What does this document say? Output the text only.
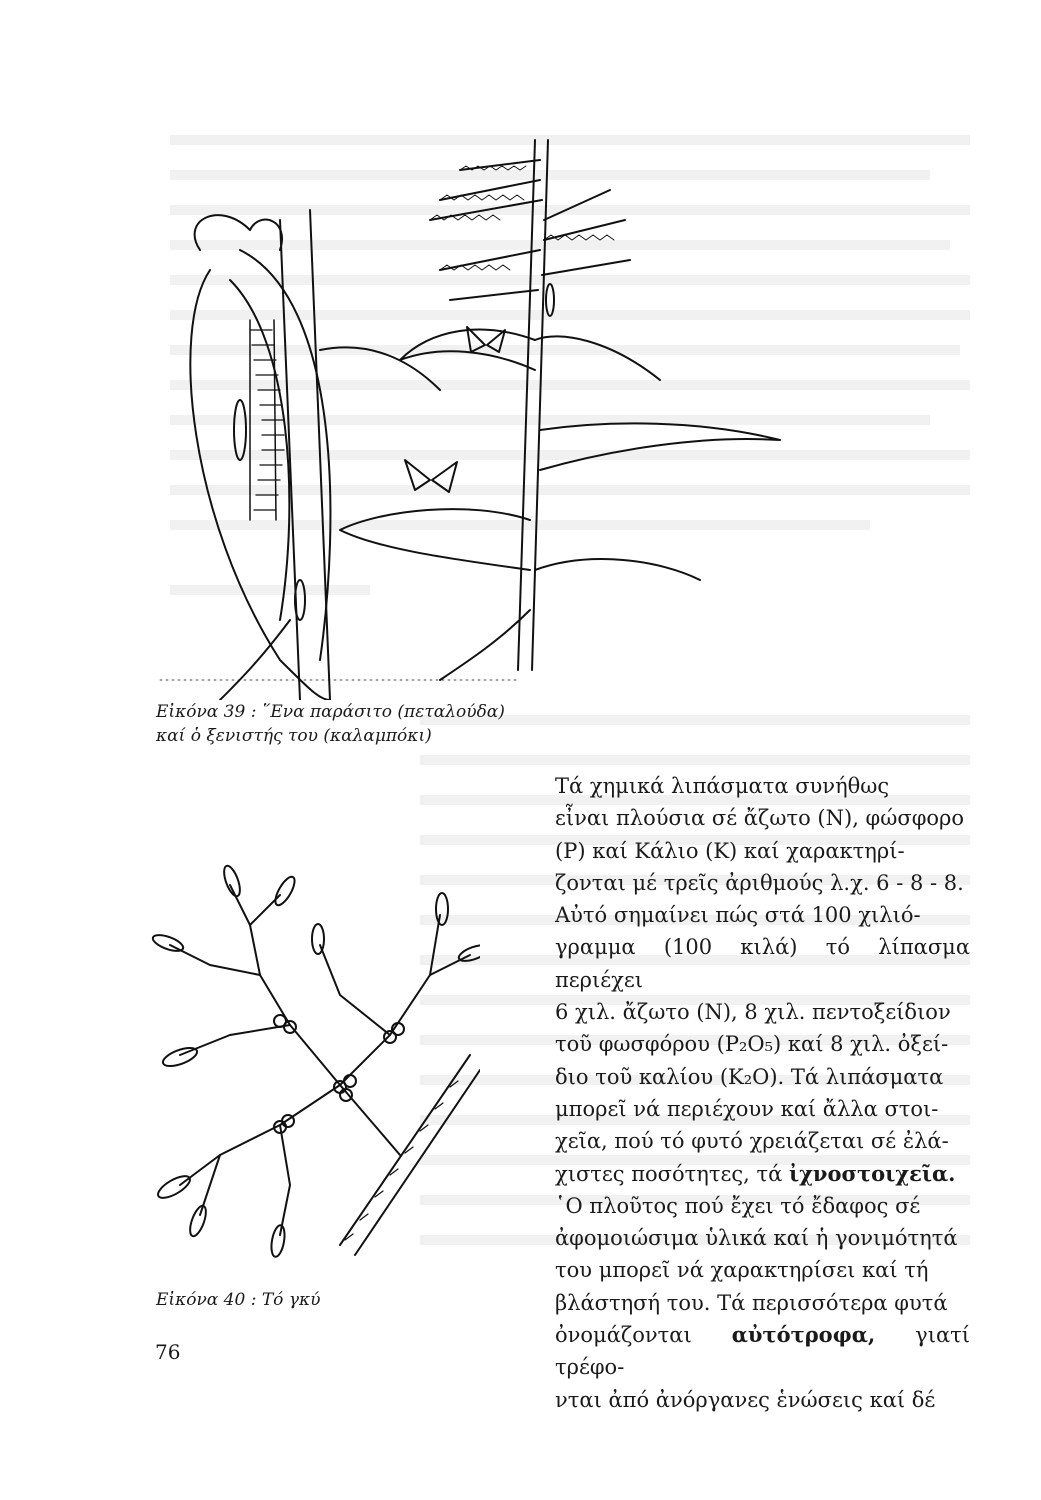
Εἰκόνα 39 : ῞Ενα παράσιτο (πεταλούδα)
καί ὁ ξενιστής του (καλαμπόκι)

Εἰκόνα 40 : Τό γκύ

Τά χημικά λιπάσματα συνήθως

εἶναι πλούσια σέ ἄζωτο (N), φώσφορο

(P) καί Κάλιο (K) καί χαρακτηρί-

ζονται μέ τρεῖς ἀριθμούς λ.χ. 6 - 8 - 8.

Αὐτό σημαίνει πώς στά 100 χιλιό-

γραμμα (100 κιλά) τό λίπασμα περιέχει

6 χιλ. ἄζωτο (N), 8 χιλ. πεντοξείδιον

τοῦ φωσφόρου (P₂O₅) καί 8 χιλ. ὀξεί-

διο τοῦ καλίου (K₂O). Τά λιπάσματα

μπορεῖ νά περιέχουν καί ἄλλα στοι-

χεῖα, πού τό φυτό χρειάζεται σέ ἐλά-

χιστες ποσότητες, τά ἰχνοστοιχεῖα.

῾Ο πλοῦτος πού ἔχει τό ἔδαφος σέ

ἀφομοιώσιμα ὑλικά καί ἡ γονιμότητά

του μπορεῖ νά χαρακτηρίσει καί τή

βλάστησή του. Τά περισσότερα φυτά

ὀνομάζονται αὐτότροφα, γιατί τρέφο-

νται ἀπό ἀνόργανες ἑνώσεις καί δέ

76
